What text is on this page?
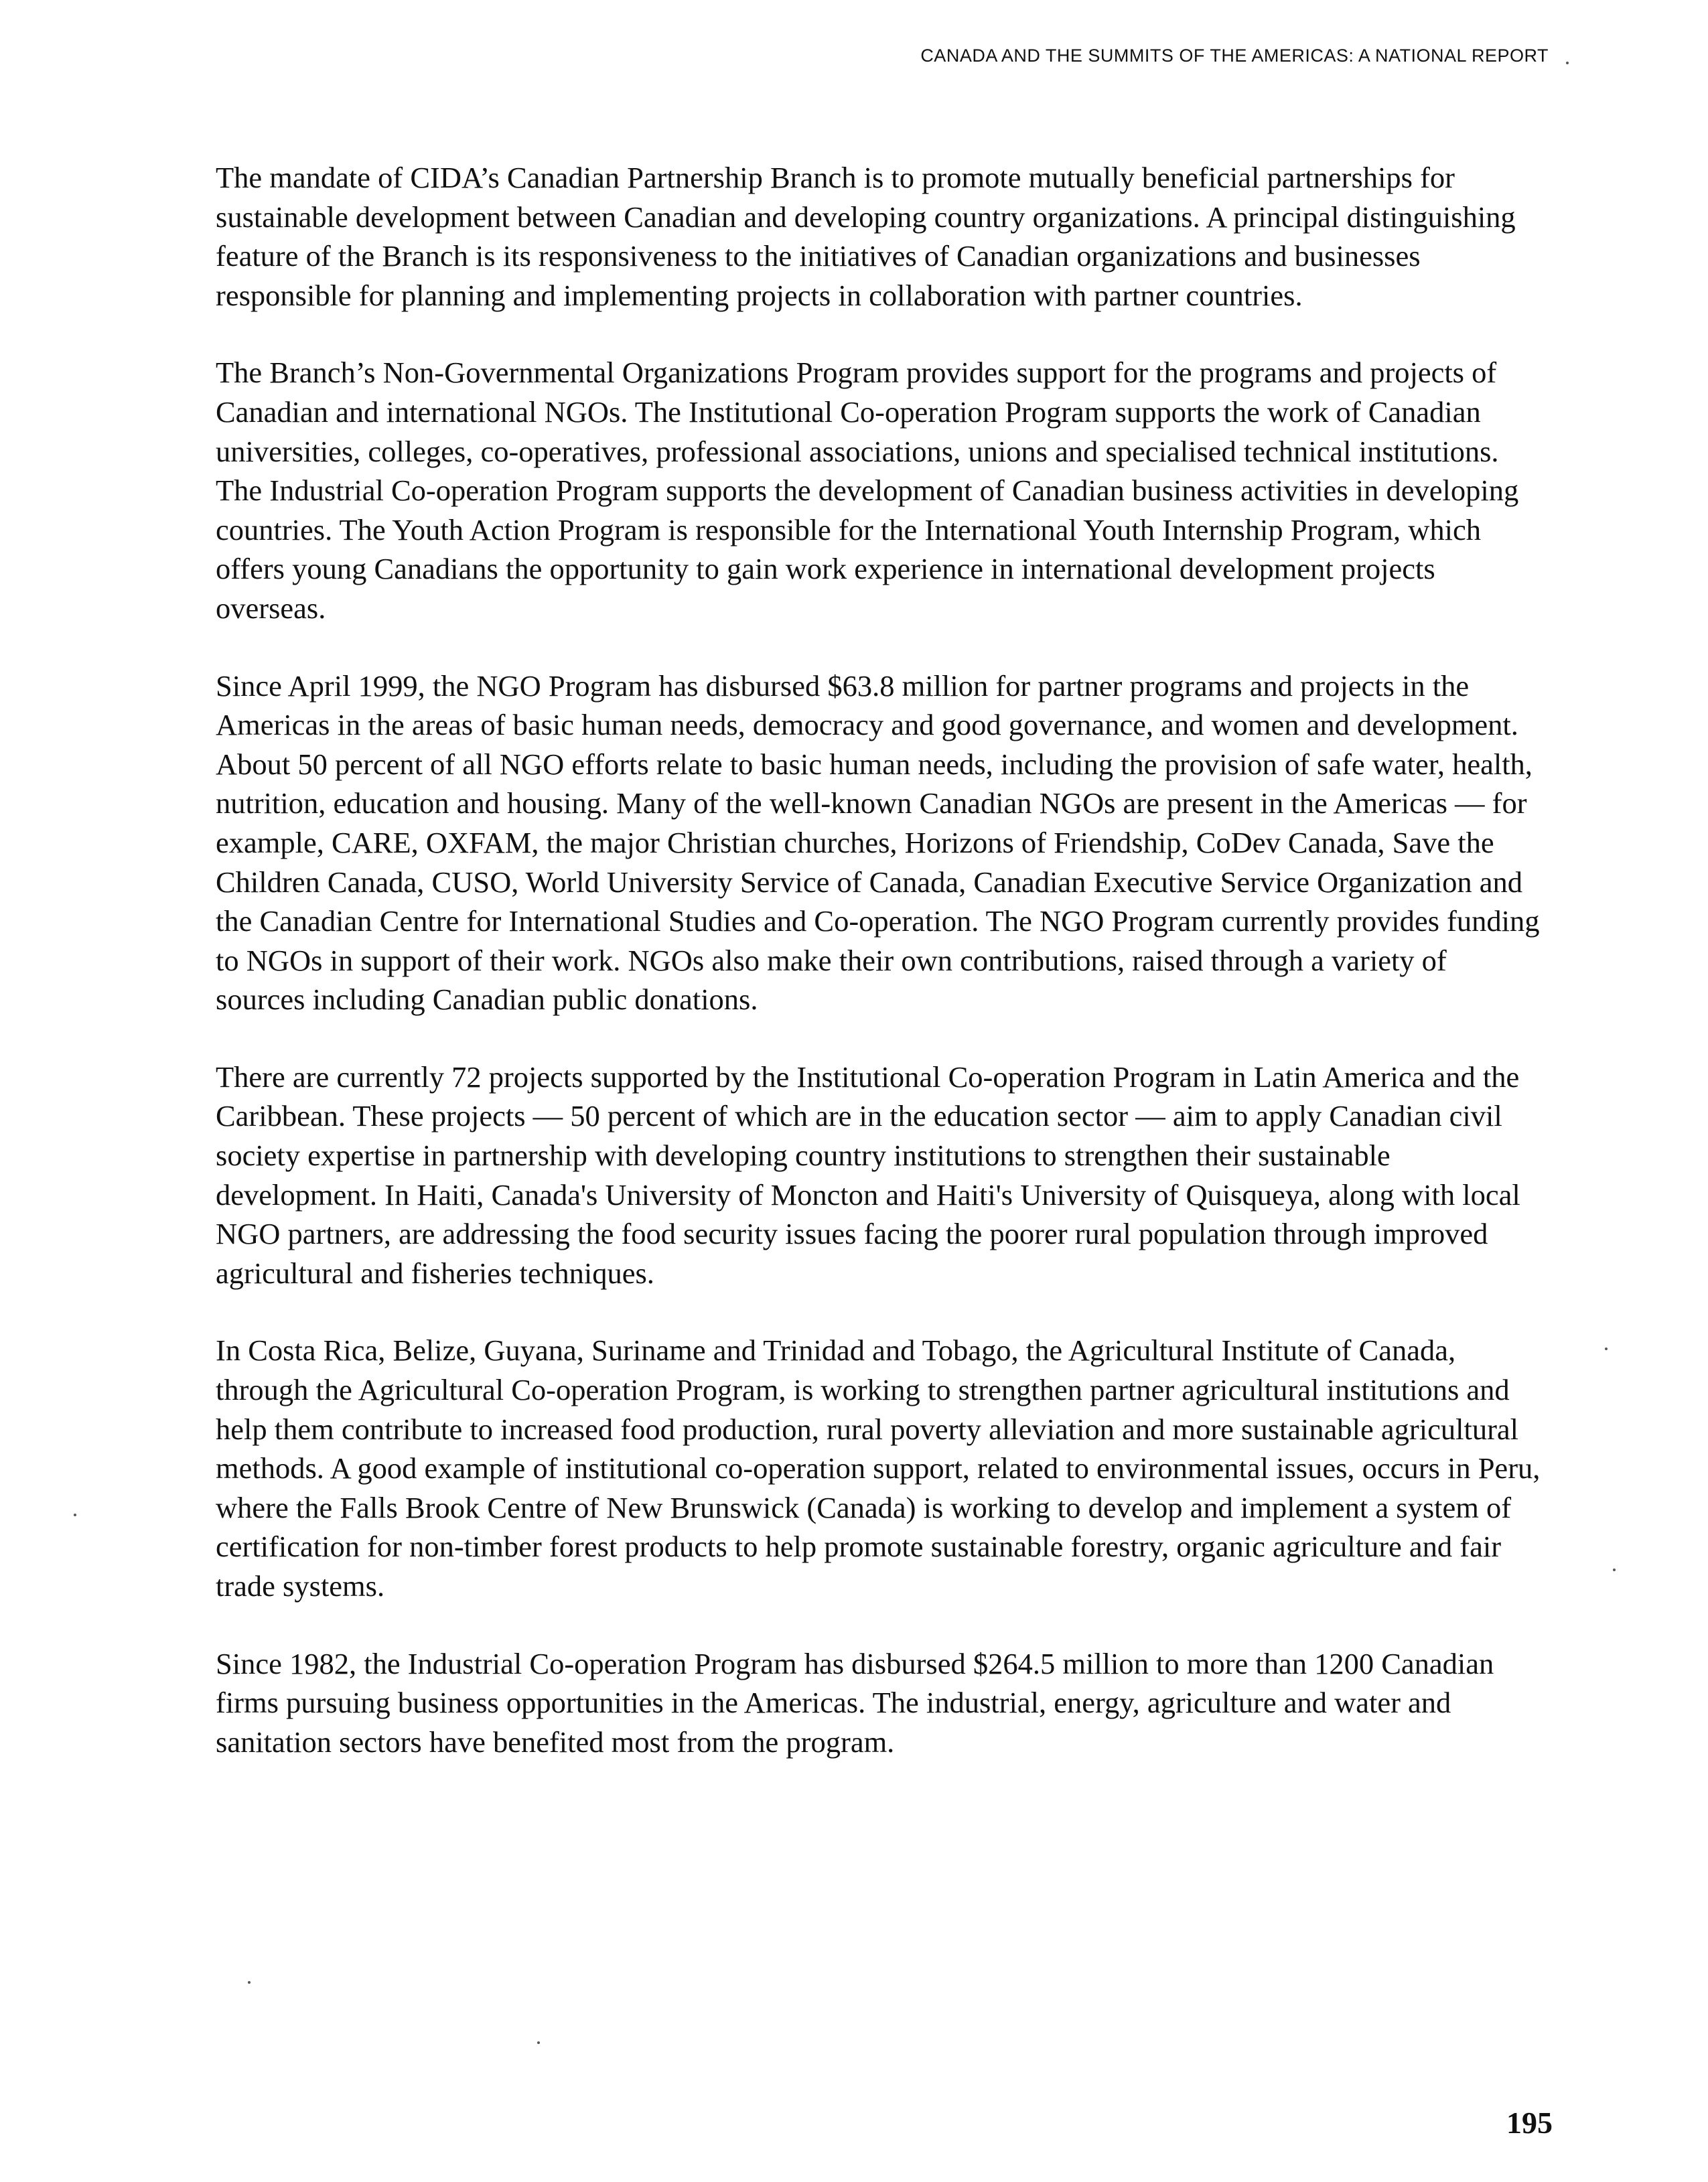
CANADA AND THE SUMMITS OF THE AMERICAS: A NATIONAL REPORT

The mandate of CIDA’s Canadian Partnership Branch is to promote mutually beneficial partnerships for sustainable development between Canadian and developing country organizations. A principal distinguishing feature of the Branch is its responsiveness to the initiatives of Canadian organizations and businesses responsible for planning and implementing projects in collaboration with partner countries.

The Branch’s Non-Governmental Organizations Program provides support for the programs and projects of Canadian and international NGOs. The Institutional Co-operation Program supports the work of Canadian universities, colleges, co-operatives, professional associations, unions and specialised technical institutions. The Industrial Co-operation Program supports the development of Canadian business activities in developing countries. The Youth Action Program is responsible for the International Youth Internship Program, which offers young Canadians the opportunity to gain work experience in international development projects overseas.

Since April 1999, the NGO Program has disbursed $63.8 million for partner programs and projects in the Americas in the areas of basic human needs, democracy and good governance, and women and development. About 50 percent of all NGO efforts relate to basic human needs, including the provision of safe water, health, nutrition, education and housing. Many of the well-known Canadian NGOs are present in the Americas — for example, CARE, OXFAM, the major Christian churches, Horizons of Friendship, CoDev Canada, Save the Children Canada, CUSO, World University Service of Canada, Canadian Executive Service Organization and the Canadian Centre for International Studies and Co-operation. The NGO Program currently provides funding to NGOs in support of their work. NGOs also make their own contributions, raised through a variety of sources including Canadian public donations.

There are currently 72 projects supported by the Institutional Co-operation Program in Latin America and the Caribbean. These projects — 50 percent of which are in the education sector — aim to apply Canadian civil society expertise in partnership with developing country institutions to strengthen their sustainable development. In Haiti, Canada's University of Moncton and Haiti's University of Quisqueya, along with local NGO partners, are addressing the food security issues facing the poorer rural population through improved agricultural and fisheries techniques.

In Costa Rica, Belize, Guyana, Suriname and Trinidad and Tobago, the Agricultural Institute of Canada, through the Agricultural Co-operation Program, is working to strengthen partner agricultural institutions and help them contribute to increased food production, rural poverty alleviation and more sustainable agricultural methods. A good example of institutional co-operation support, related to environmental issues, occurs in Peru, where the Falls Brook Centre of New Brunswick (Canada) is working to develop and implement a system of certification for non-timber forest products to help promote sustainable forestry, organic agriculture and fair trade systems.

Since 1982, the Industrial Co-operation Program has disbursed $264.5 million to more than 1200 Canadian firms pursuing business opportunities in the Americas. The industrial, energy, agriculture and water and sanitation sectors have benefited most from the program.

195
